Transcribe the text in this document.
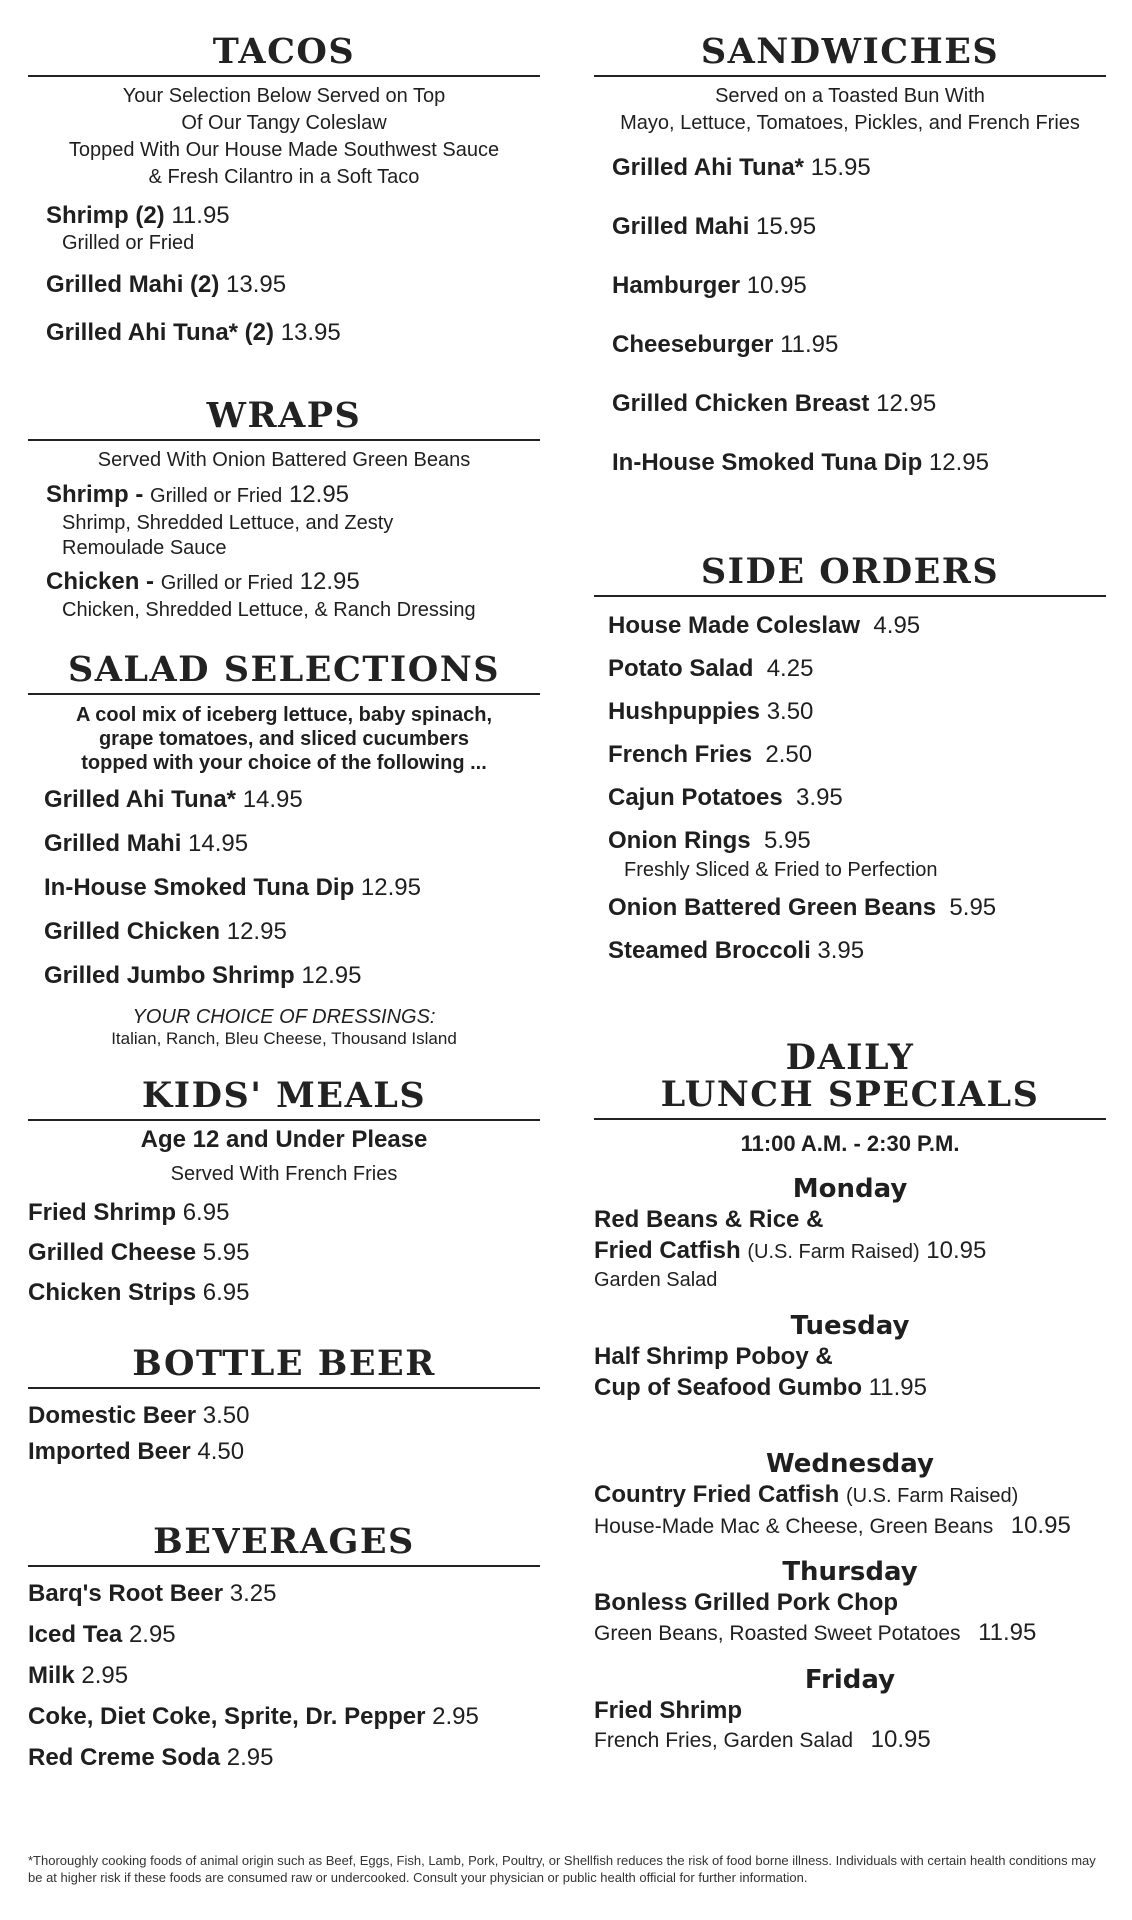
TACOS
Your Selection Below Served on Top
Of Our Tangy Coleslaw
Topped With Our House Made Southwest Sauce
& Fresh Cilantro in a Soft Taco
Shrimp (2) 11.95
Grilled or Fried
Grilled Mahi (2) 13.95
Grilled Ahi Tuna* (2) 13.95
WRAPS
Served With Onion Battered Green Beans
Shrimp - Grilled or Fried 12.95
Shrimp, Shredded Lettuce, and Zesty
Remoulade Sauce
Chicken - Grilled or Fried 12.95
Chicken, Shredded Lettuce, & Ranch Dressing
SALAD SELECTIONS
A cool mix of iceberg lettuce, baby spinach,
grape tomatoes, and sliced cucumbers
topped with your choice of the following ...
Grilled Ahi Tuna* 14.95
Grilled Mahi 14.95
In-House Smoked Tuna Dip 12.95
Grilled Chicken 12.95
Grilled Jumbo Shrimp 12.95
YOUR CHOICE OF DRESSINGS:
Italian, Ranch, Bleu Cheese, Thousand Island
KIDS' MEALS
Age 12 and Under Please
Served With French Fries
Fried Shrimp 6.95
Grilled Cheese 5.95
Chicken Strips 6.95
BOTTLE BEER
Domestic Beer 3.50
Imported Beer 4.50
BEVERAGES
Barq's Root Beer 3.25
Iced Tea 2.95
Milk 2.95
Coke, Diet Coke, Sprite, Dr. Pepper 2.95
Red Creme Soda 2.95
SANDWICHES
Served on a Toasted Bun With
Mayo, Lettuce, Tomatoes, Pickles, and French Fries
Grilled Ahi Tuna* 15.95
Grilled Mahi 15.95
Hamburger 10.95
Cheeseburger 11.95
Grilled Chicken Breast 12.95
In-House Smoked Tuna Dip 12.95
SIDE ORDERS
House Made Coleslaw 4.95
Potato Salad 4.25
Hushpuppies 3.50
French Fries 2.50
Cajun Potatoes 3.95
Onion Rings 5.95
Freshly Sliced & Fried to Perfection
Onion Battered Green Beans 5.95
Steamed Broccoli 3.95
DAILY
LUNCH SPECIALS
11:00 A.M. - 2:30 P.M.
Monday
Red Beans & Rice &
Fried Catfish (U.S. Farm Raised) 10.95
Garden Salad
Tuesday
Half Shrimp Poboy &
Cup of Seafood Gumbo 11.95
Wednesday
Country Fried Catfish (U.S. Farm Raised)
House-Made Mac & Cheese, Green Beans 10.95
Thursday
Bonless Grilled Pork Chop
Green Beans, Roasted Sweet Potatoes 11.95
Friday
Fried Shrimp
French Fries, Garden Salad 10.95
*Thoroughly cooking foods of animal origin such as Beef, Eggs, Fish, Lamb, Pork, Poultry, or Shellfish reduces the risk of food borne illness. Individuals with certain health conditions may be at higher risk if these foods are consumed raw or undercooked. Consult your physician or public health official for further information.
